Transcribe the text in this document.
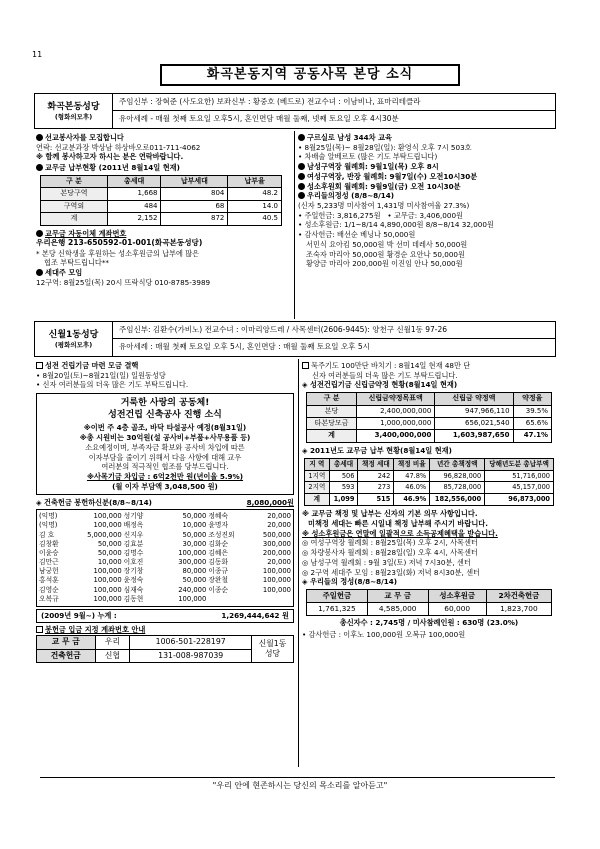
11
화곡본동지역 공동사목 본당 소식
화곡본동성당
(형화의모후)
주임신부 : 장혁준 (사도요한) 보좌신부 : 황중호 (베드로) 전교수녀 : 이남비나, 표마리테클라
유아세례 - 매월 첫째 토요일 오후5시, 혼인면담 매월 둘째, 넷째 토요일 오후 4시30분
선교봉사자를 모집합니다
연락: 선교분과장 박상남 하상바오로011-711-4062
※ 함께 봉사하고자 하시는 분은 연락바랍니다.
교무금 납부현황 (2011년 8월14일 현재)
구 분	총세대	납부세대	납부율
본당구역	1,668	804	48.2
구역외	484	68	14.0
계	2,152	872	40.5
교무금 자동이체 계좌번호
우리은행 213-650592-01-001(화곡본동성당)
* 본당 신학생을 후원하는 성소후원금의 납부에 많은
협조 부탁드립니다**
세대주 모임
12구역: 8월25일(목) 20시 뜨락식당 010-8785-3989
구르실로 남성 344차 교육
• 8월25일(목)~ 8월28일(일): 환영식 오후 7시 503호
• 차배술 알베르토 (많은 기도 부탁드립니다)
남성구역장 월례회: 9월1일(목) 오후 8시
여성구역장, 반장 월례회: 9월7일(수) 오전10시30분
성소후원회 월례회: 9월9일(금) 오전 10시30분
우리들의정성 (8/8~8/14)
(신자 5,233명 미사참여 1,431명 미사참여율 27.3%)
• 주일헌금: 3,816,275원 • 교무금: 3,406,000원
• 성소후원금: 1/1~8/14 4,890,000원 8/8~8/14 32,000원
• 감사헌금: 배선순 베닝나 50,000원
서민식 요아킴 50,000원 박 선미 데레사 50,000원
조숙자 마리아 50,000원 황경순 요안나 50,000원
황양금 마리아 200,000원 이진임 안나 50,000원
신월1동성당
(평화의모후)
주임신부: 김환수(가비노) 전교수녀 : 이마리앙드레 / 사목센터(2606-9445): 양천구 신월1동 97-26
유아세례 : 매월 첫째 토요일 오후 5시, 혼인면담 : 매월 둘째 토요일 오후 5시
성전 건립기금 마련 모금 결핵
• 8월20일(토)~8월21일(일) 일원동성당
• 신자 여러분들의 더욱 많은 기도 부탁드립니다.
거룩한 사랑의 공동체!
성전건립 신축공사 진행 소식
※이번 주 4층 골조, 바닥 타설공사 예정(8월31일)
※총 시원비는 30억원(설 공사비+부품+사무용품 등)
소요예정이며, 부족자금 확보와 공사비 차입에 따른
이자부담을 줄이기 위해서 다음 사항에 대해 교우
여러분의 적극적인 협조를 당부드립니다.
※사목기금 차입금 : 6억2천만 원(년이율 5.9%)
(월 이자 부담액 3,048,500 원)
◈ 건축헌금 봉헌하신분(8/8~8/14)	8,080,000원
(익명)	100,000 성기양	50,000 정혜숙	20,000
(익명)	100,000 배정옥	10,000 윤명자	20,000
김 호	5,000,000 신지우	50,000 조성진외	500,000
김창환	50,000 김효분	30,000 김화순	300,000
이윤승	50,000 김명수	100,000 김혜은	200,000
김만근	10,000 이호진	300,000 김동화	20,000
남궁헌	100,000 장기창	80,000 이종규	100,000
홍석훈	100,000 윤정숙	50,000 장완철	100,000
김영순	100,000 심재숙	240,000 이종순	100,000
오복규	100,000 김동현	100,000
(2009년 9월~) 누계 :	1,269,444,642 원
봉헌금 입금 지정 계좌번호 안내
교 무 금	우리	1006-501-228197	신월1동 성당
건축헌금	신협	131-008-987039	
묵주기도 100만단 바치기 : 8월14일 현재 48만 단
신자 여러분들의 더욱 많은 기도 부탁드립니다.
◈ 성전건립기금 신립금약정 현황(8월14일 현재)
구 분	신립금약정목표액	신립금 약정액	약정율
본당	2,400,000,000	947,966,110	39.5%
타본당모금	1,000,000,000	656,021,540	65.6%
계	3,400,000,000	1,603,987,650	47.1%
◈ 2011년도 교무금 납부 현황(8월14일 현재)
지 역	총세대	책정 세대	책정 비율	년간 총책정액	당해년도분 총납부액
1지역	506	242	47.8%	96,828,000	51,716,000
2지역	593	273	46.0%	85,728,000	45,157,000
계	1,099	515	46.9%	182,556,000	96,873,000
※ 교무금 책정 및 납부는 신자의 기본 의무 사항입니다.
미책정 세대는 빠른 시일내 책정 납부해 주시기 바랍니다.
※ 성소후원금은 연말에 일괄적으로 소득공제혜택을 받습니다.
◎ 여성구역장 월례회 : 8월25일(목) 오후 2시, 사목센터
◎ 차량봉사자 월례회 : 8월28일(일) 오후 4시, 사목센터
◎ 남성구역 월례회 : 9월 3일(토) 저녁 7시30분, 센터
◎ 2구역 세대주 모임 : 8월23일(화) 저녁 8시30분, 센터
◈ 우리들의 정성(8/8~8/14)
주일헌금	교 무 금	성소후원금	2차건축헌금
1,761,325	4,585,000	60,000	1,823,700
총신자수 : 2,745명 / 미사참례인원 : 630명 (23.0%)
• 감사헌금 : 이후노 100,000원 오복규 100,000원
"우리 안에 현존하시는 당신의 목소리를 알아듣고"
